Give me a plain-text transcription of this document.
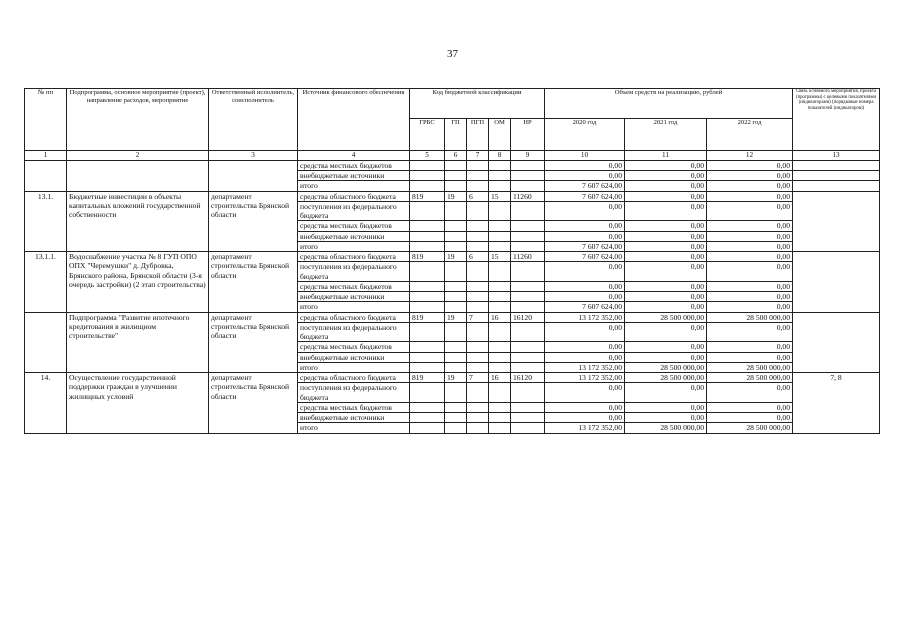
37
№ пп	Подпрограмма, основное мероприятие (проект), направление расходов, мероприятие	Ответственный исполнитель, соисполнитель	Источник финансового обеспечения	Код бюджетной классификации					Объем средств на реализацию, рублей			Связь основного мероприятия, проекта (программы) с целевыми показателями (индикаторами) (порядковые номера показателей (индикаторов))
				ГРБС	ГП	ПГП	ОМ	НР	2020 год	2021 год	2022 год	
1	2	3	4	5	6	7	8	9	10	11	12	13
			средства местных бюджетов						0,00	0,00	0,00	
			внебюджетные источники						0,00	0,00	0,00	
			итого						7 607 624,00	0,00	0,00	
13.1.	Бюджетные инвестиции в объекты капитальных вложений государственной собственности	департамент строительства Брянской области	средства областного бюджета	819	19	6	15	11260	7 607 624,00	0,00	0,00	
			поступления из федерального бюджета						0,00	0,00	0,00	
			средства местных бюджетов						0,00	0,00	0,00	
			внебюджетные источники						0,00	0,00	0,00	
			итого						7 607 624,00	0,00	0,00	
13.1.1.	Водоснабжение участка № 8 ГУП ОПО ОПХ "Черемушки" д. Дубровка, Брянского района, Брянской области (3-я очередь застройки) (2 этап строительства)	департамент строительства Брянской области	средства областного бюджета	819	19	6	15	11260	7 607 624,00	0,00	0,00	
			поступления из федерального бюджета						0,00	0,00	0,00	
			средства местных бюджетов						0,00	0,00	0,00	
			внебюджетные источники						0,00	0,00	0,00	
			итого						7 607 624,00	0,00	0,00	
	Подпрограмма "Развитие ипотечного кредитования в жилищном строительстве"	департамент строительства Брянской области	средства областного бюджета	819	19	7	16	16120	13 172 352,00	28 500 000,00	28 500 000,00	
			поступления из федерального бюджета						0,00	0,00	0,00	
			средства местных бюджетов						0,00	0,00	0,00	
			внебюджетные источники						0,00	0,00	0,00	
			итого						13 172 352,00	28 500 000,00	28 500 000,00	
14.	Осуществление государственной поддержки граждан в улучшении жилищных условий	департамент строительства Брянской области	средства областного бюджета	819	19	7	16	16120	13 172 352,00	28 500 000,00	28 500 000,00	7, 8
			поступления из федерального бюджета						0,00	0,00	0,00	
			средства местных бюджетов						0,00	0,00	0,00	
			внебюджетные источники						0,00	0,00	0,00	
			итого						13 172 352,00	28 500 000,00	28 500 000,00	
